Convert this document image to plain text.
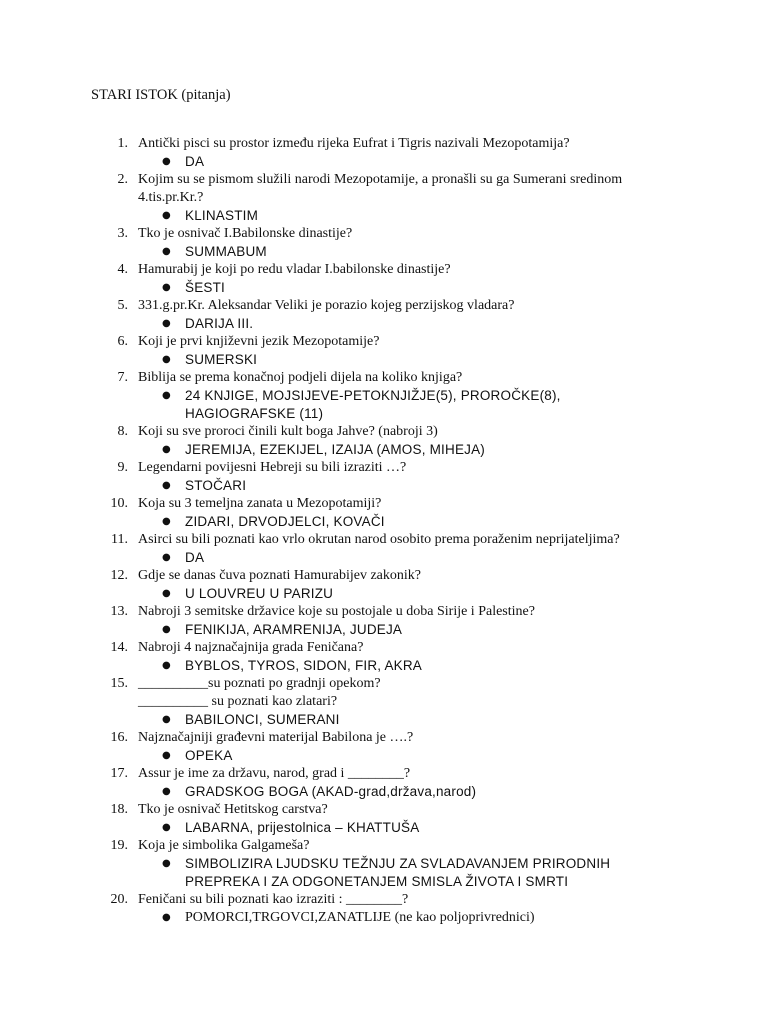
STARI ISTOK (pitanja)
1. Antički pisci su prostor između rijeka Eufrat i Tigris nazivali Mezopotamija?
● DA
2. Kojim su se pismom služili narodi Mezopotamije, a pronašli su ga Sumerani sredinom
4.tis.pr.Kr.?
● KLINASTIM
3. Tko je osnivač I.Babilonske dinastije?
● SUMMABUM
4. Hamurabij je koji po redu vladar I.babilonske dinastije?
● ŠESTI
5. 331.g.pr.Kr. Aleksandar Veliki je porazio kojeg perzijskog vladara?
● DARIJA III.
6. Koji je prvi književni jezik Mezopotamije?
● SUMERSKI
7. Biblija se prema konačnoj podjeli dijela na koliko knjiga?
● 24 KNJIGE, MOJSIJEVE-PETOKNJIŽJE(5), PROROČKE(8),
HAGIOGRAFSKE (11)
8. Koji su sve proroci činili kult boga Jahve? (nabroji 3)
● JEREMIJA, EZEKIJEL, IZAIJA (AMOS, MIHEJA)
9. Legendarni povijesni Hebreji su bili izraziti …?
● STOČARI
10. Koja su 3 temeljna zanata u Mezopotamiji?
● ZIDARI, DRVODJELCI, KOVAČI
11. Asirci su bili poznati kao vrlo okrutan narod osobito prema poraženim neprijateljima?
● DA
12. Gdje se danas čuva poznati Hamurabijev zakonik?
● U LOUVREU U PARIZU
13. Nabroji 3 semitske državice koje su postojale u doba Sirije i Palestine?
● FENIKIJA, ARAMRENIJA, JUDEJA
14. Nabroji 4 najznačajnija grada Feničana?
● BYBLOS, TYROS, SIDON, FIR, AKRA
15. __________su poznati po gradnji opekom?
__________ su poznati kao zlatari?
● BABILONCI, SUMERANI
16. Najznačajniji građevni materijal Babilona je ….?
● OPEKA
17. Assur je ime za državu, narod, grad i ________?
● GRADSKOG BOGA (AKAD-grad,država,narod)
18. Tko je osnivač Hetitskog carstva?
● LABARNA, prijestolnica – KHATTUŠA
19. Koja je simbolika Galgameša?
● SIMBOLIZIRA LJUDSKU TEŽNJU ZA SVLADAVANJEM PRIRODNIH
PREPREKA I ZA ODGONETANJEM SMISLA ŽIVOTA I SMRTI
20. Feničani su bili poznati kao izraziti : ________?
● POMORCI,TRGOVCI,ZANATLIJE (ne kao poljoprivrednici)
